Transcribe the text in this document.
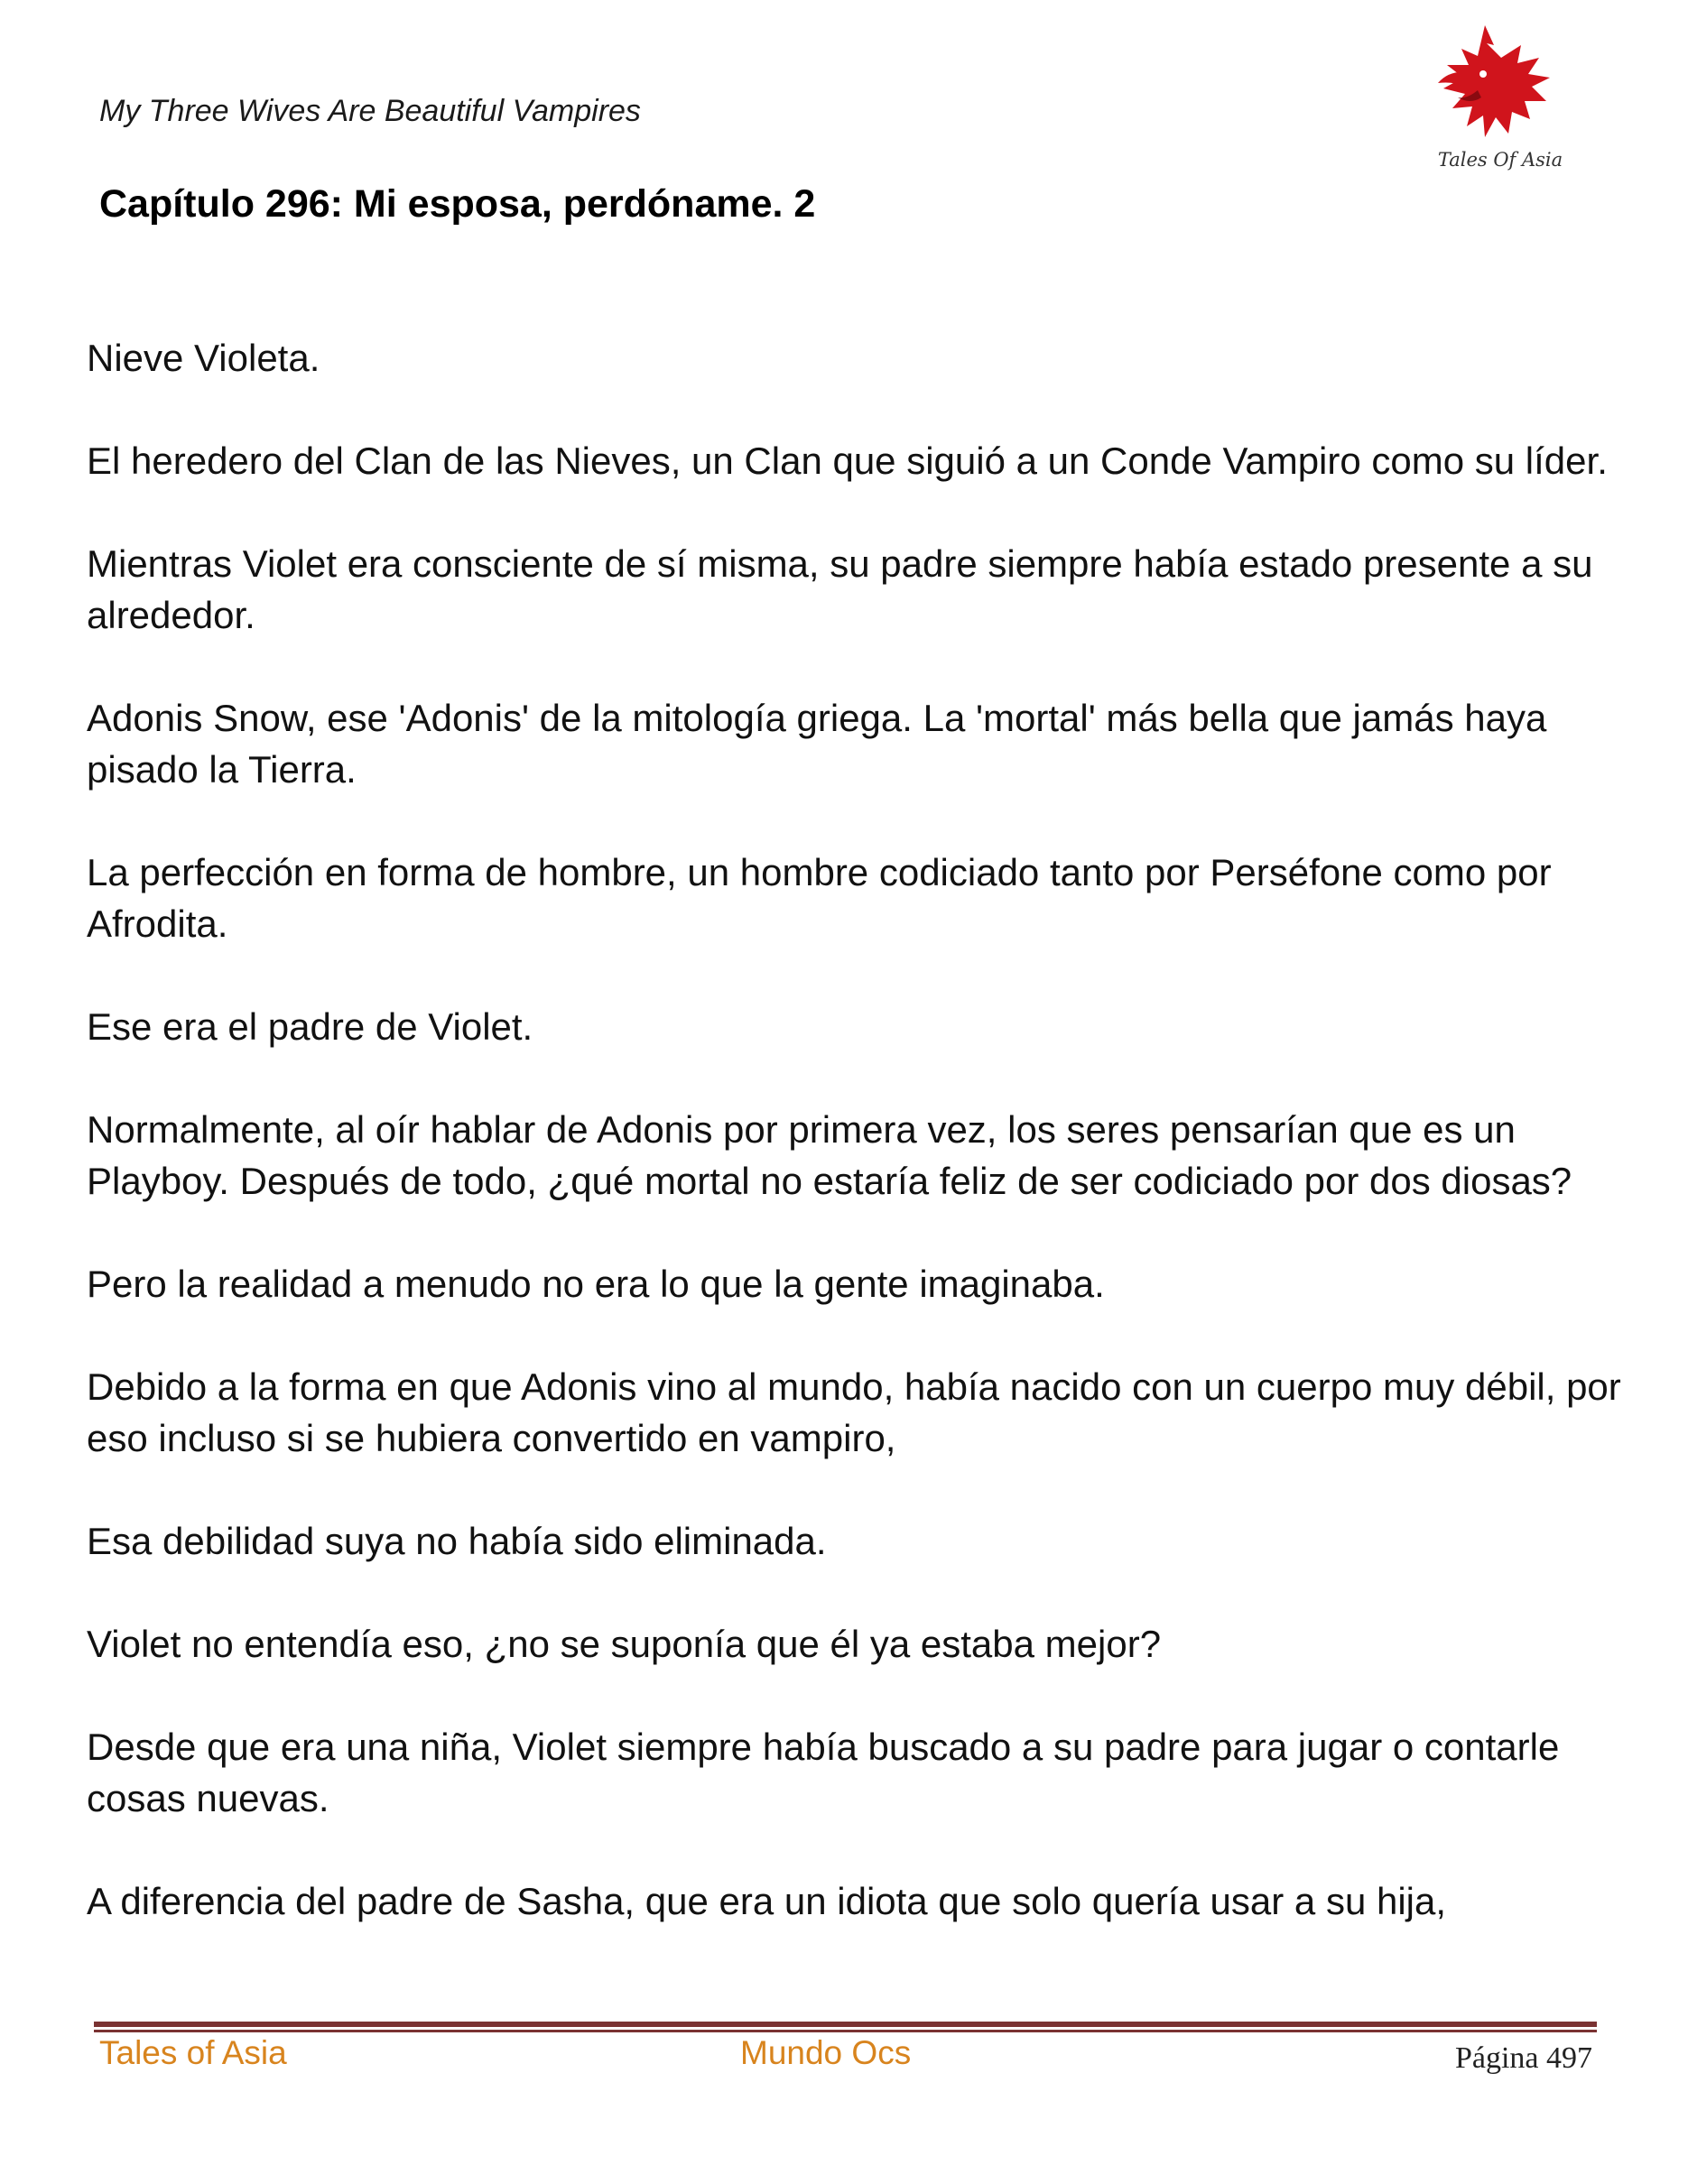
My Three Wives Are Beautiful Vampires
Capítulo 296: Mi esposa, perdóname. 2
Tales Of Asia

Nieve Violeta.

El heredero del Clan de las Nieves, un Clan que siguió a un Conde Vampiro como su líder.

Mientras Violet era consciente de sí misma, su padre siempre había estado presente a su alrededor.

Adonis Snow, ese 'Adonis' de la mitología griega. La 'mortal' más bella que jamás haya pisado la Tierra.

La perfección en forma de hombre, un hombre codiciado tanto por Perséfone como por Afrodita.

Ese era el padre de Violet.

Normalmente, al oír hablar de Adonis por primera vez, los seres pensarían que es un Playboy. Después de todo, ¿qué mortal no estaría feliz de ser codiciado por dos diosas?

Pero la realidad a menudo no era lo que la gente imaginaba.

Debido a la forma en que Adonis vino al mundo, había nacido con un cuerpo muy débil, por eso incluso si se hubiera convertido en vampiro,

Esa debilidad suya no había sido eliminada.

Violet no entendía eso, ¿no se suponía que él ya estaba mejor?

Desde que era una niña, Violet siempre había buscado a su padre para jugar o contarle cosas nuevas.

A diferencia del padre de Sasha, que era un idiota que solo quería usar a su hija,

Tales of Asia	Mundo Ocs	Página 497
